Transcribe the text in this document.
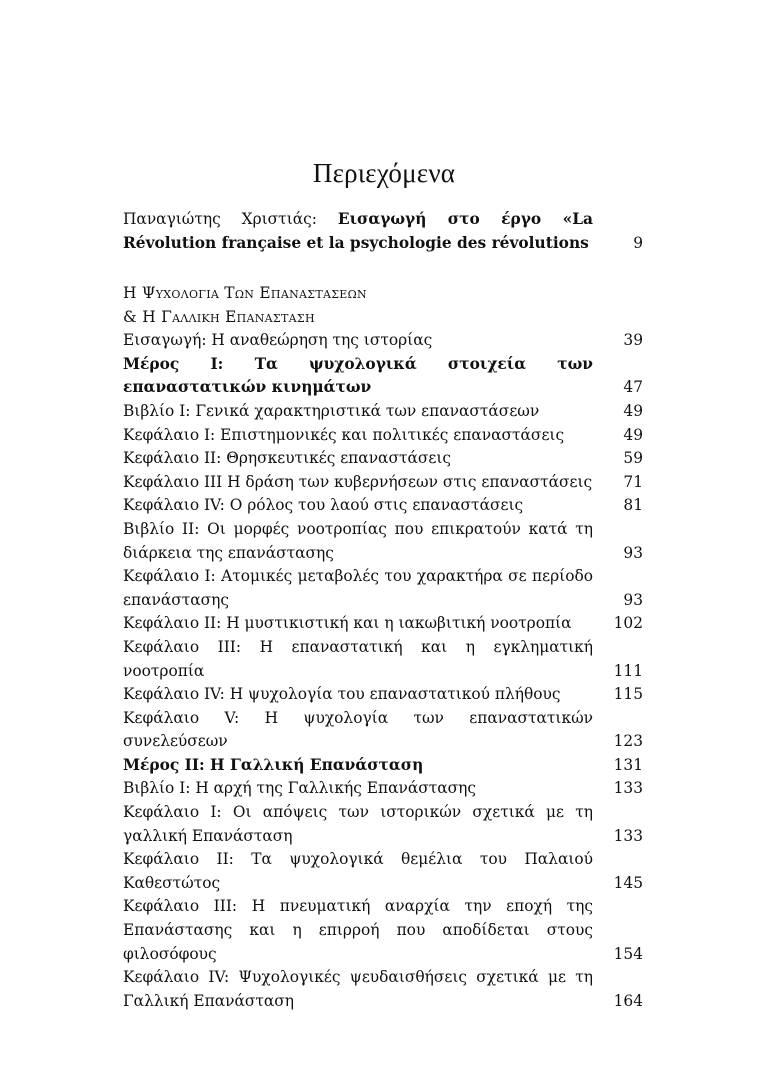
Περιεχόμενα
Παναγιώτης Χριστιάς: Εισαγωγή στο έργο «La Révolution française et la psychologie des révolutions	9
Η Ψυχολογια Των Επαναστασεων
& Η Γαλλικη Επανασταση
Εισαγωγή: Η αναθεώρηση της ιστορίας	39
Μέρος Ι: Τα ψυχολογικά στοιχεία των επαναστατικών κινημάτων	47
Βιβλίο Ι: Γενικά χαρακτηριστικά των επαναστάσεων	49
Κεφάλαιο Ι: Επιστημονικές και πολιτικές επαναστάσεις	49
Κεφάλαιο ΙΙ: Θρησκευτικές επαναστάσεις	59
Κεφάλαιο ΙΙΙ Η δράση των κυβερνήσεων στις επαναστάσεις	71
Κεφάλαιο IV: Ο ρόλος του λαού στις επαναστάσεις	81
Βιβλίο ΙΙ: Οι μορφές νοοτροπίας που επικρατούν κατά τη διάρκεια της επανάστασης	93
Κεφάλαιο Ι: Ατομικές μεταβολές του χαρακτήρα σε περίοδο επανάστασης	93
Κεφάλαιο ΙΙ: Η μυστικιστική και η ιακωβιτική νοοτροπία	102
Κεφάλαιο ΙΙΙ: Η επαναστατική και η εγκληματική νοοτροπία	111
Κεφάλαιο IV: Η ψυχολογία του επαναστατικού πλήθους	115
Κεφάλαιο V: Η ψυχολογία των επαναστατικών συνελεύσεων	123
Μέρος ΙΙ: Η Γαλλική Επανάσταση	131
Βιβλίο Ι: Η αρχή της Γαλλικής Επανάστασης	133
Κεφάλαιο Ι: Οι απόψεις των ιστορικών σχετικά με τη γαλλική Επανάσταση	133
Κεφάλαιο ΙΙ: Τα ψυχολογικά θεμέλια του Παλαιού Καθεστώτος	145
Κεφάλαιο ΙΙΙ: Η πνευματική αναρχία την εποχή της Επανάστασης και η επιρροή που αποδίδεται στους φιλοσόφους	154
Κεφάλαιο IV: Ψυχολογικές ψευδαισθήσεις σχετικά με τη Γαλλική Επανάσταση	164
